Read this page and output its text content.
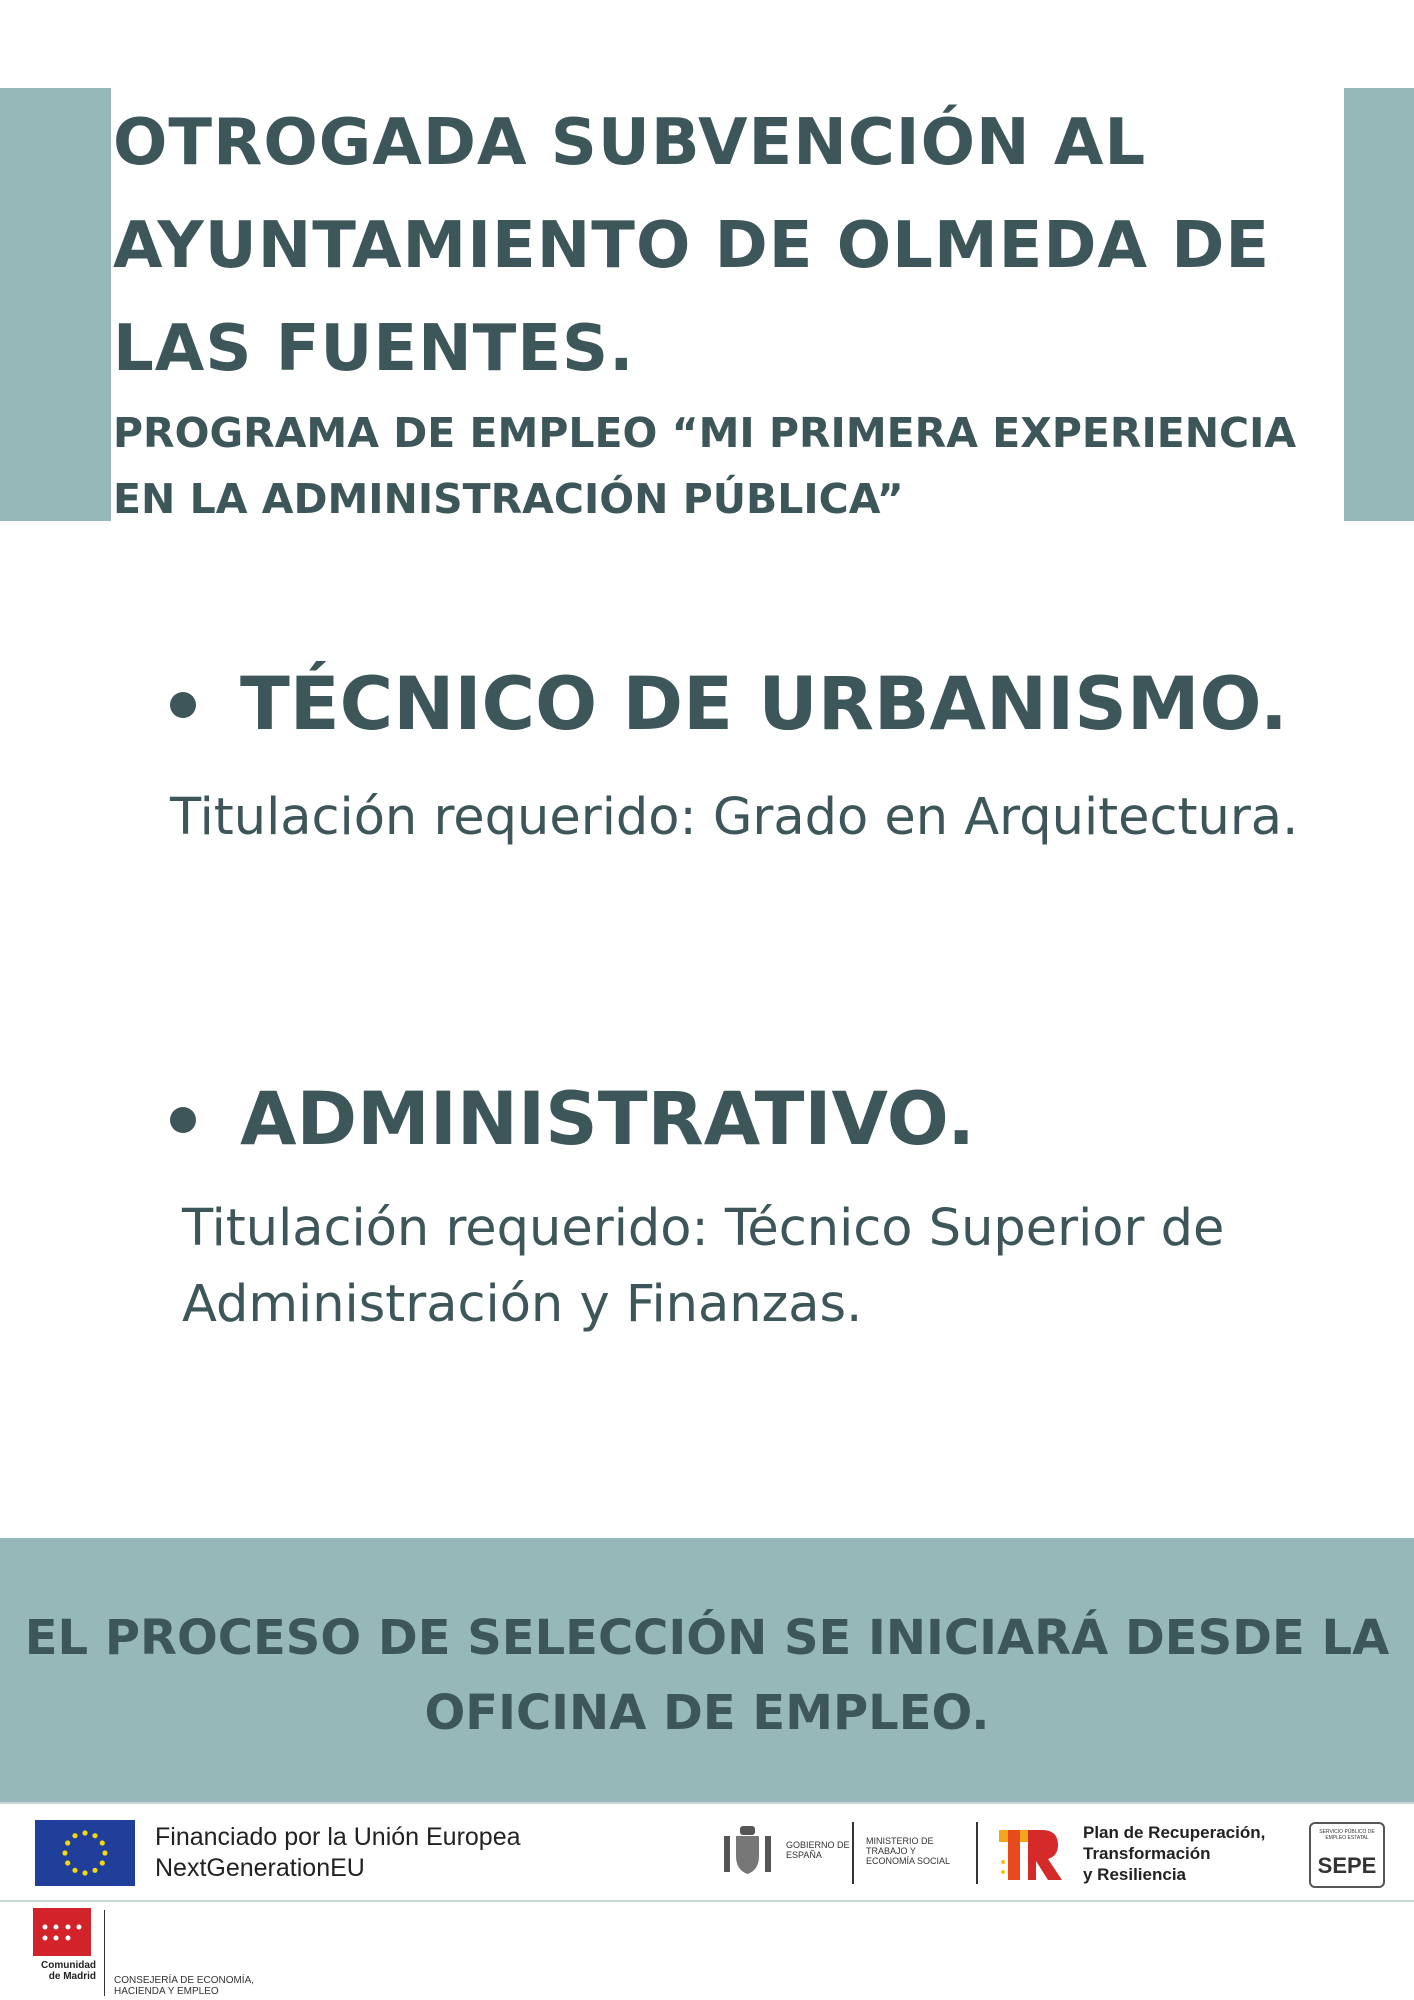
OTROGADA SUBVENCIÓN AL AYUNTAMIENTO DE OLMEDA DE LAS FUENTES.
PROGRAMA DE EMPLEO “MI PRIMERA EXPERIENCIA EN LA ADMINISTRACIÓN PÚBLICA”
TÉCNICO DE URBANISMO.
Titulación requerido: Grado en Arquitectura.
ADMINISTRATIVO.
Titulación requerido: Técnico Superior de Administración y Finanzas.
EL PROCESO DE SELECCIÓN SE INICIARÁ DESDE LA OFICINA DE EMPLEO.
Financiado por la Unión Europea
NextGenerationEU
GOBIERNO DE ESPAÑA
MINISTERIO DE TRABAJO Y ECONOMÍA SOCIAL
Plan de Recuperación,
Transformación
y Resiliencia
SERVICIO PÚBLICO DE EMPLEO ESTATAL
SEPE
Comunidad
de Madrid CONSEJERÍA DE ECONOMÍA,
HACIENDA Y EMPLEO
